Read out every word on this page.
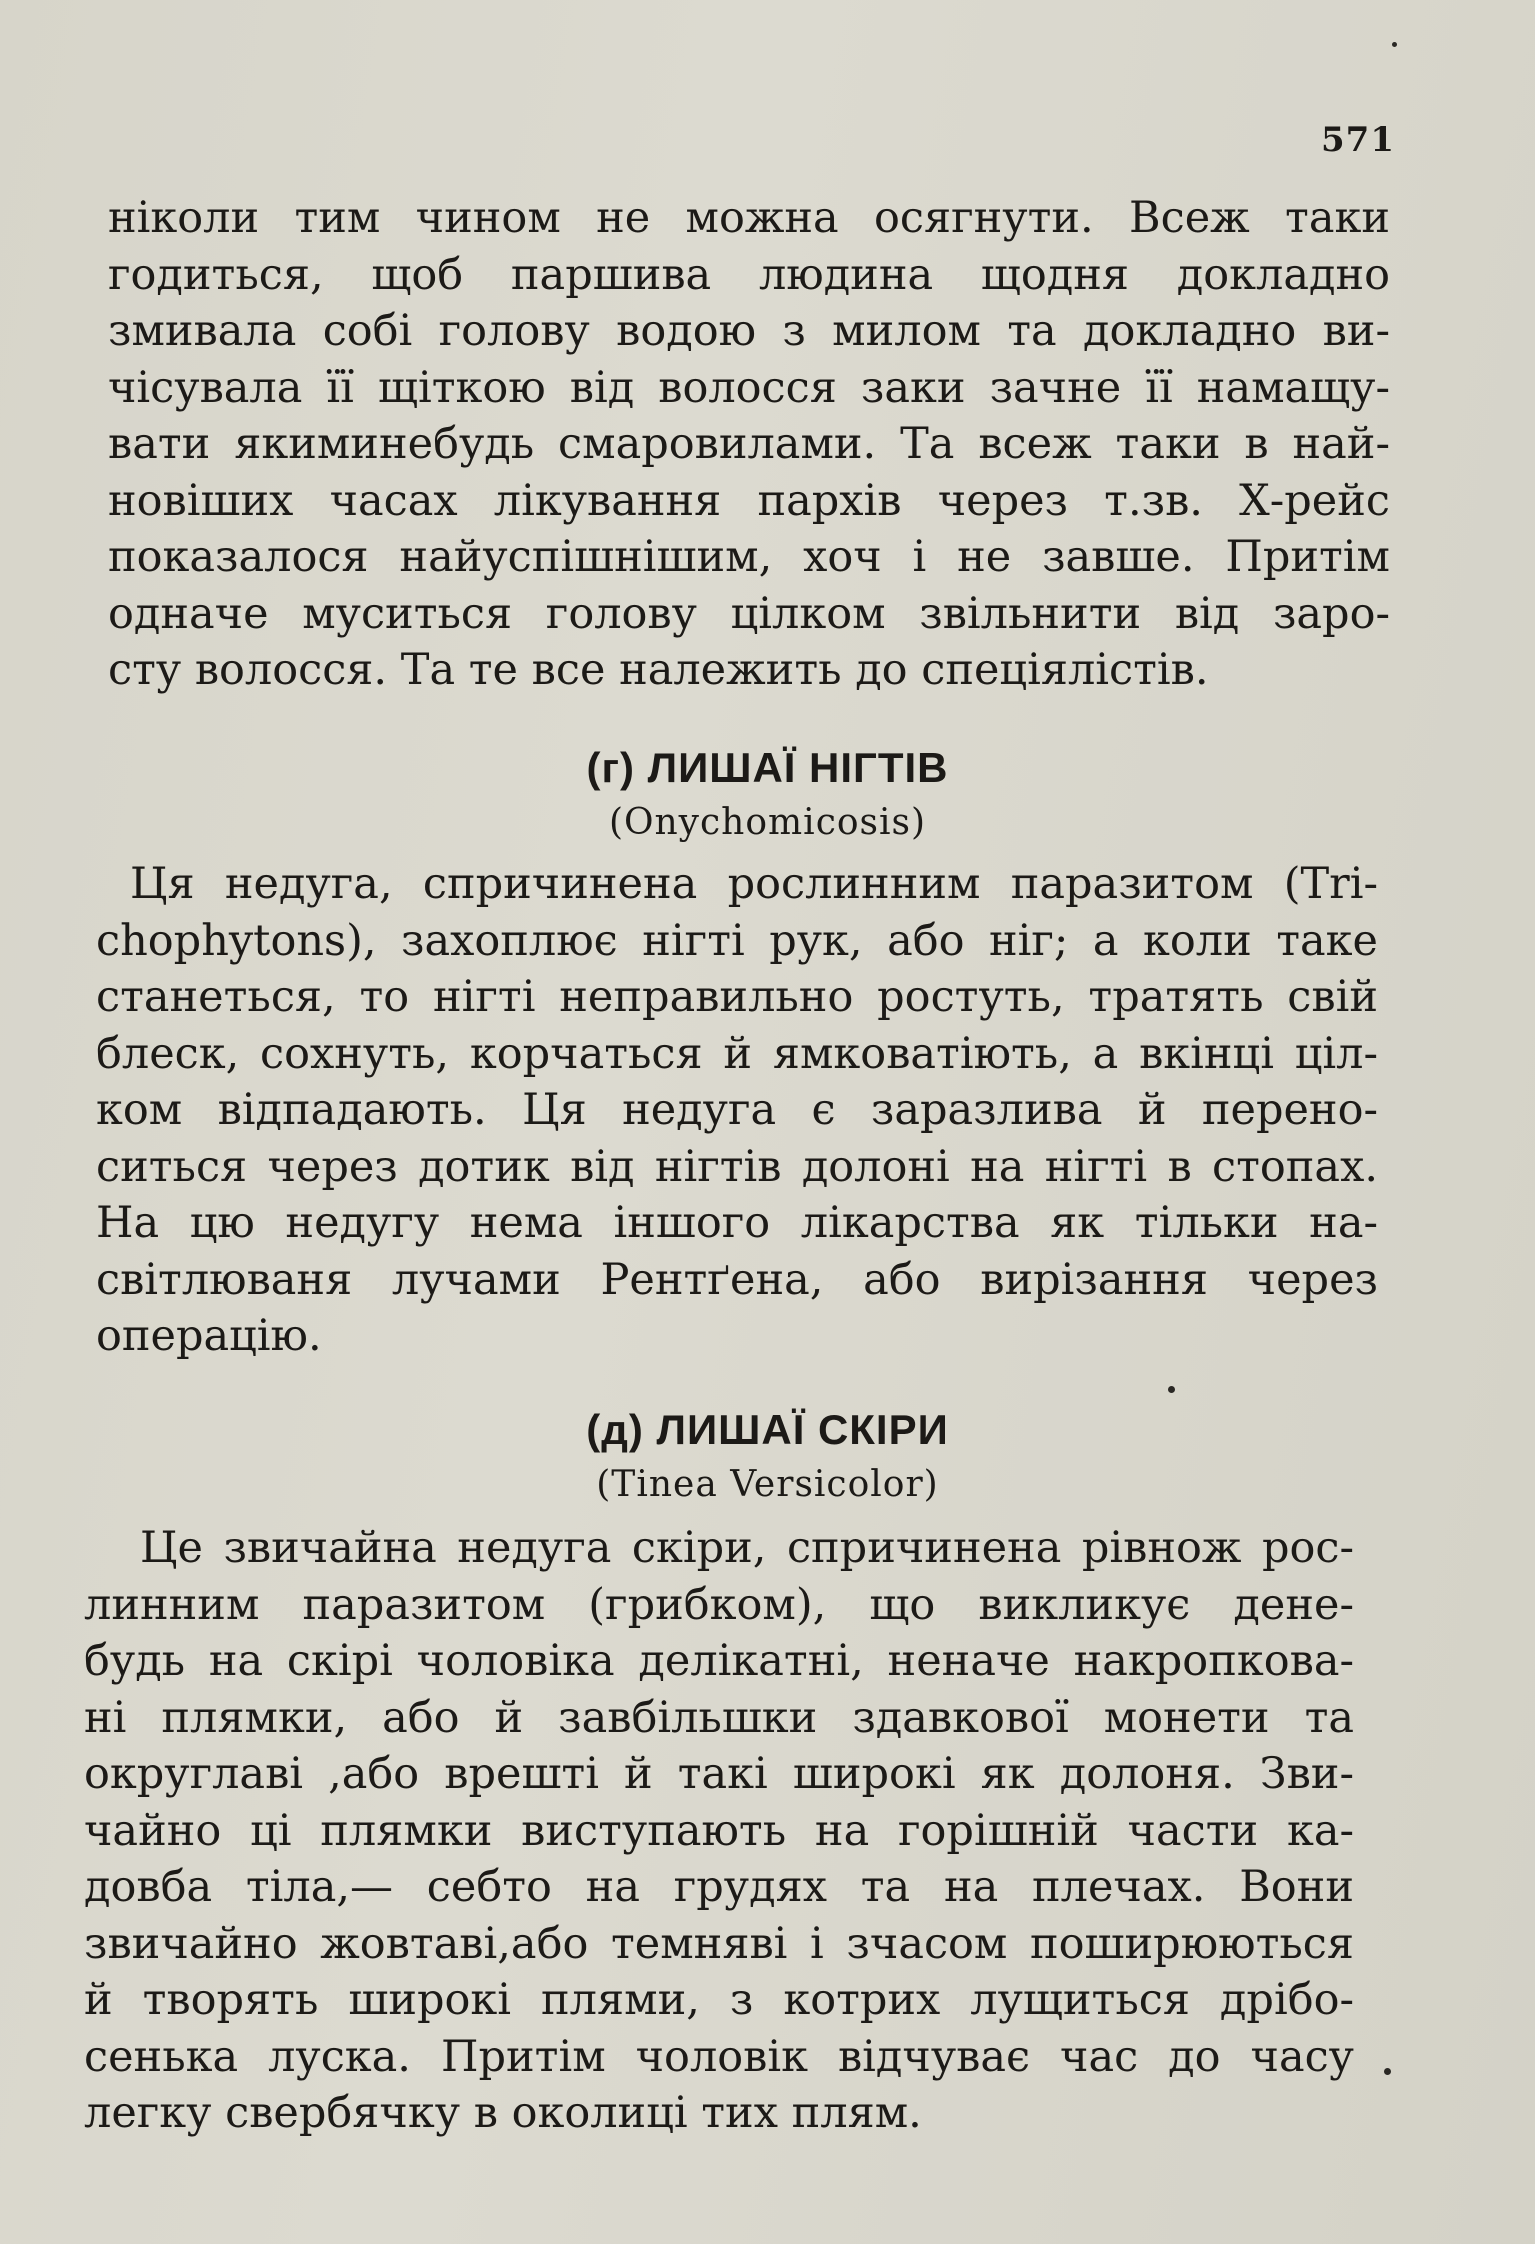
571
ніколи тим чином не можна осягнути. Всеж таки
годиться, щоб паршива людина щодня докладно
змивала собі голову водою з милом та докладно ви-
чісувала її щіткою від волосся заки зачне її намащу-
вати якиминебудь смаровилами. Та всеж таки в най-
новіших часах лікування пархів через т.зв. Х-рейс
показалося найуспішнішим, хоч і не завше. Притім
одначе муситься голову цілком звільнити від заро-
сту волосся. Та те все належить до спеціялістів.
(г) ЛИШАЇ НІГТІВ
(Onychomicosis)
Ця недуга, спричинена рослинним паразитом (Tri-
chophytons), захоплює нігті рук, або ніг; а коли таке
станеться, то нігті неправильно ростуть, тратять свій
блеск, сохнуть, корчаться й ямковатіють, а вкінці ціл-
ком відпадають. Ця недуга є заразлива й перено-
ситься через дотик від нігтів долоні на нігті в стопах.
На цю недугу нема іншого лікарства як тільки на-
світлюваня лучами Рентґена, або вирізання через
операцію.
(д) ЛИШАЇ СКІРИ
(Tinea Versicolor)
Це звичайна недуга скіри, спричинена рівнож рос-
линним паразитом (грибком), що викликує дене-
будь на скірі чоловіка делікатні, неначе накропкова-
ні плямки, або й завбільшки здавкової монети та
округлаві ,або врешті й такі широкі як долоня. Зви-
чайно ці плямки виступають на горішній части ка-
довба тіла,— себто на грудях та на плечах. Вони
звичайно жовтаві,або темняві і зчасом поширюються
й творять широкі плями, з котрих лущиться дрібо-
сенька луска. Притім чоловік відчуває час до часу
легку свербячку в околиці тих плям.
